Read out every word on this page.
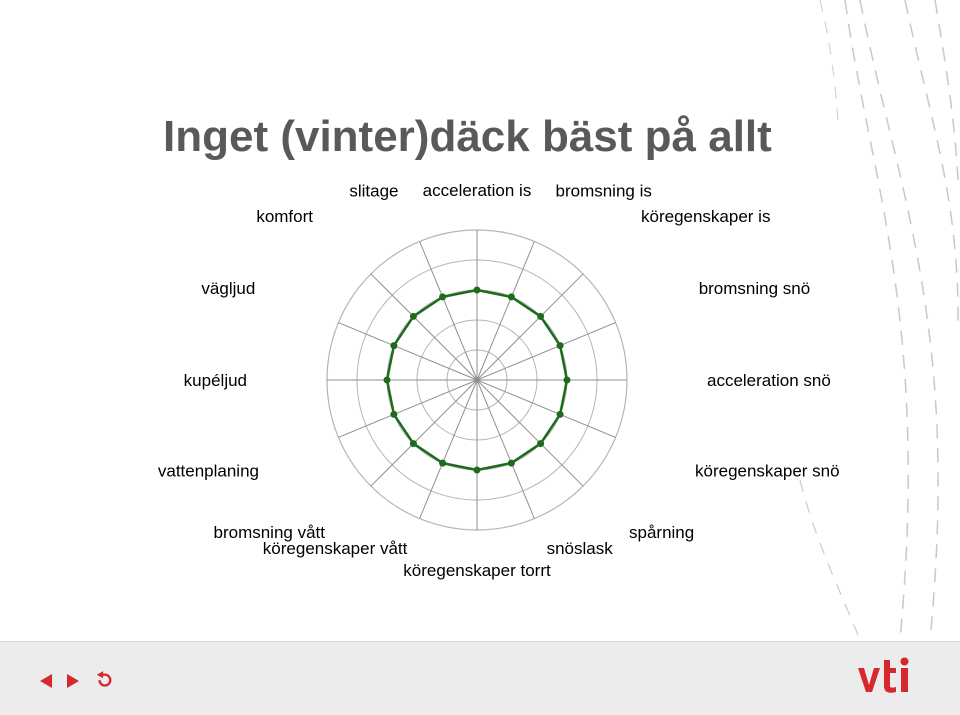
Inget (vinter)däck bäst på allt
acceleration is bromsning is
köregenskaper is
bromsning snö
acceleration snö
köregenskaper snö
spårning
snöslask
köregenskaper torrt
köregenskaper vått
bromsning vått
vattenplaning
kupéljud
vägljud
komfort
slitage
